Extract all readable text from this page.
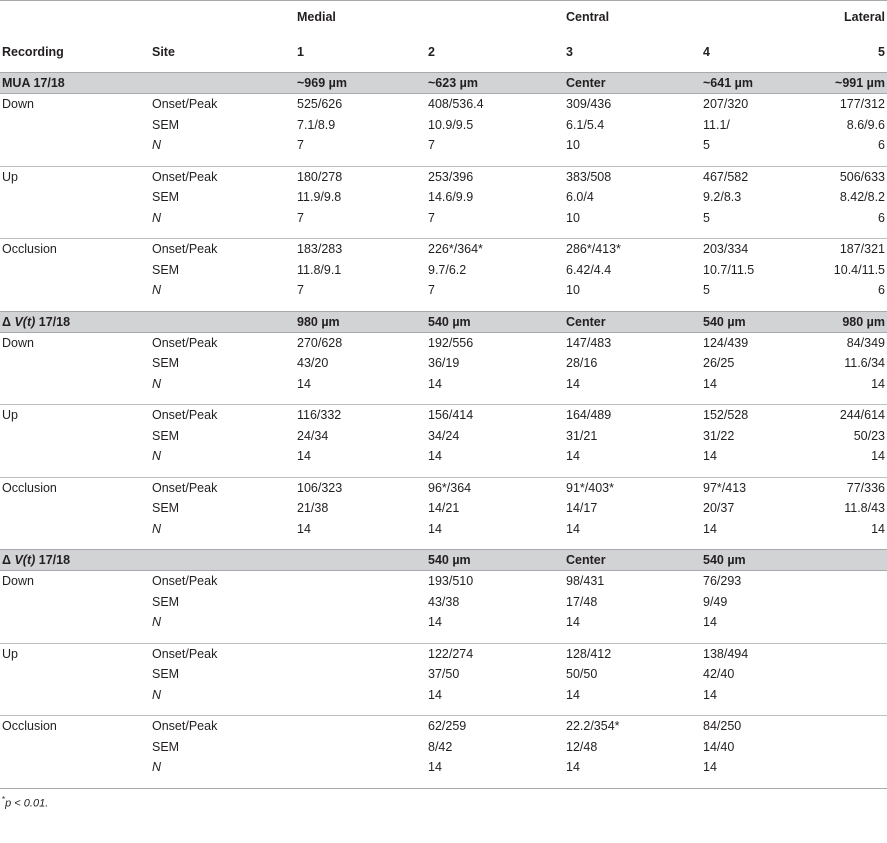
		Medial		Central		Lateral
Recording	Site	1	2	3	4	5
MUA 17/18		~969 µm	~623 µm	Center	~641 µm	~991 µm
Down	Onset/Peak	525/626	408/536.4	309/436	207/320	177/312
	SEM	7.1/8.9	10.9/9.5	6.1/5.4	11.1/	8.6/9.6
	N	7	7	10	5	6

Up	Onset/Peak	180/278	253/396	383/508	467/582	506/633
	SEM	11.9/9.8	14.6/9.9	6.0/4	9.2/8.3	8.42/8.2
	N	7	7	10	5	6

Occlusion	Onset/Peak	183/283	226*/364*	286*/413*	203/334	187/321
	SEM	11.8/9.1	9.7/6.2	6.42/4.4	10.7/11.5	10.4/11.5
	N	7	7	10	5	6

Δ V(t) 17/18		980 µm	540 µm	Center	540 µm	980 µm
Down	Onset/Peak	270/628	192/556	147/483	124/439	84/349
	SEM	43/20	36/19	28/16	26/25	11.6/34
	N	14	14	14	14	14

Up	Onset/Peak	116/332	156/414	164/489	152/528	244/614
	SEM	24/34	34/24	31/21	31/22	50/23
	N	14	14	14	14	14

Occlusion	Onset/Peak	106/323	96*/364	91*/403*	97*/413	77/336
	SEM	21/38	14/21	14/17	20/37	11.8/43
	N	14	14	14	14	14

Δ V(t) 17/18			540 µm	Center	540 µm	
Down	Onset/Peak		193/510	98/431	76/293	
	SEM		43/38	17/48	9/49	
	N		14	14	14	

Up	Onset/Peak		122/274	128/412	138/494	
	SEM		37/50	50/50	42/40	
	N		14	14	14	

Occlusion	Onset/Peak		62/259	22.2/354*	84/250	
	SEM		8/42	12/48	14/40	
	N		14	14	14	

*p < 0.01.
